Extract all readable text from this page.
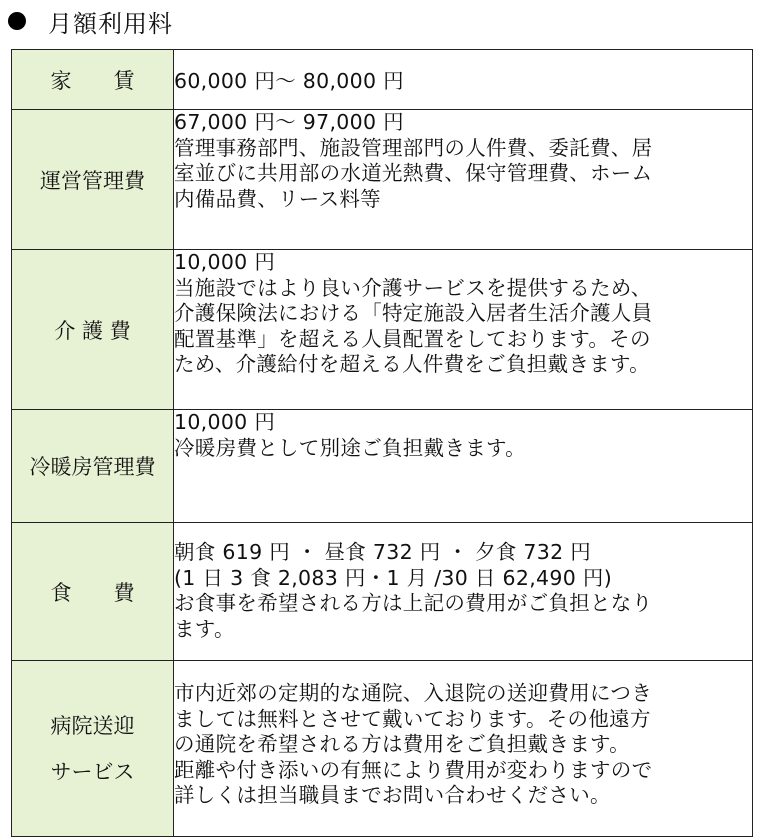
月額利用料
家　　賃	60,000 円～ 80,000 円

運営管理費	67,000 円～ 97,000 円
管理事務部門、施設管理部門の人件費、委託費、居
室並びに共用部の水道光熱費、保守管理費、ホーム
内備品費、リース料等

介 護 費	10,000 円
当施設ではより良い介護サービスを提供するため、
介護保険法における「特定施設入居者生活介護人員
配置基準」を超える人員配置をしております。その
ため、介護給付を超える人件費をご負担戴きます。

冷暖房管理費	10,000 円
冷暖房費として別途ご負担戴きます。

食　　費	朝食 619 円 ・ 昼食 732 円 ・ 夕食 732 円
(1 日 3 食 2,083 円・1 月 /30 日 62,490 円)
お食事を希望される方は上記の費用がご負担となり
ます。

病院送迎
サービス	市内近郊の定期的な通院、入退院の送迎費用につき
ましては無料とさせて戴いております。その他遠方
の通院を希望される方は費用をご負担戴きます。
距離や付き添いの有無により費用が変わりますので
詳しくは担当職員までお問い合わせください。
